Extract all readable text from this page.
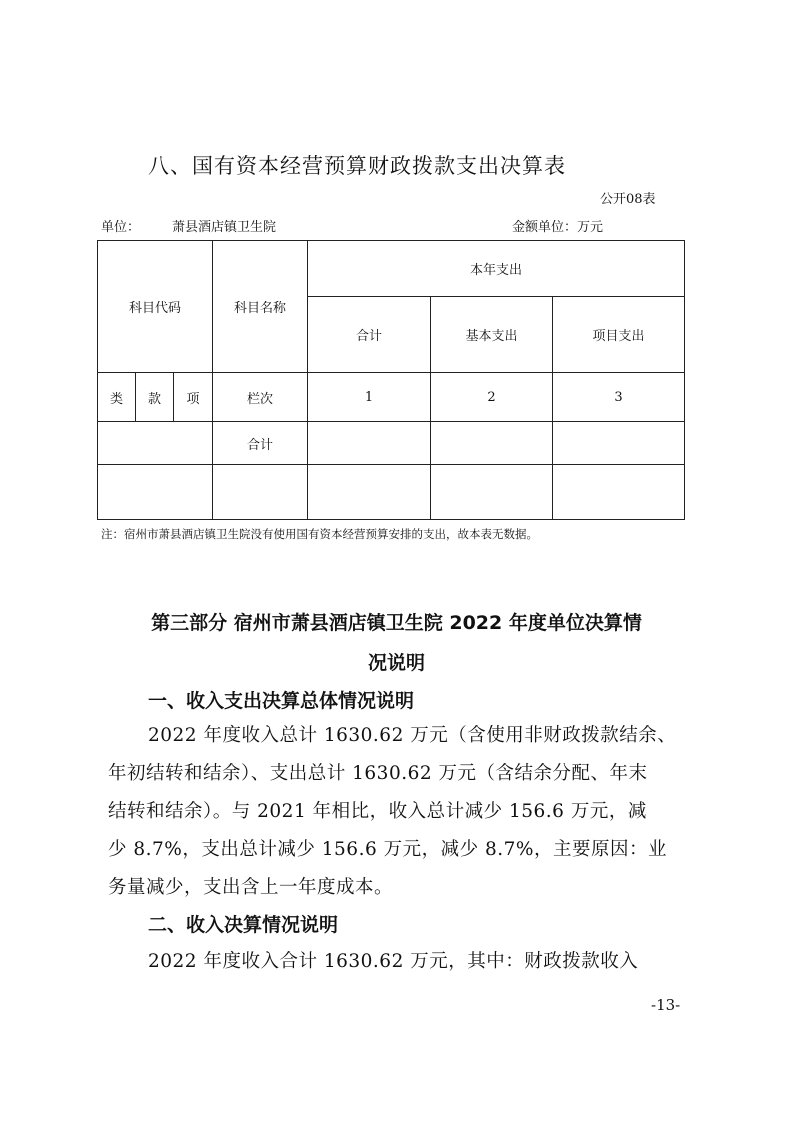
八、国有资本经营预算财政拨款支出决算表
公开08表
单位： 萧县酒店镇卫生院	金额单位：万元
科目代码			科目名称	本年支出		
				合计	基本支出	项目支出
类	款	项	栏次	1	2	3
			合计			

注：宿州市萧县酒店镇卫生院没有使用国有资本经营预算安排的支出，故本表无数据。
第三部分 宿州市萧县酒店镇卫生院 2022 年度单位决算情
况说明
一、收入支出决算总体情况说明
2022 年度收入总计 1630.62 万元（含使用非财政拨款结余、
年初结转和结余）、支出总计 1630.62 万元（含结余分配、年末
结转和结余）。与 2021 年相比，收入总计减少 156.6 万元，减
少 8.7%，支出总计减少 156.6 万元，减少 8.7%，主要原因：业
务量减少，支出含上一年度成本。
二、收入决算情况说明
2022 年度收入合计 1630.62 万元，其中：财政拨款收入
-13-
